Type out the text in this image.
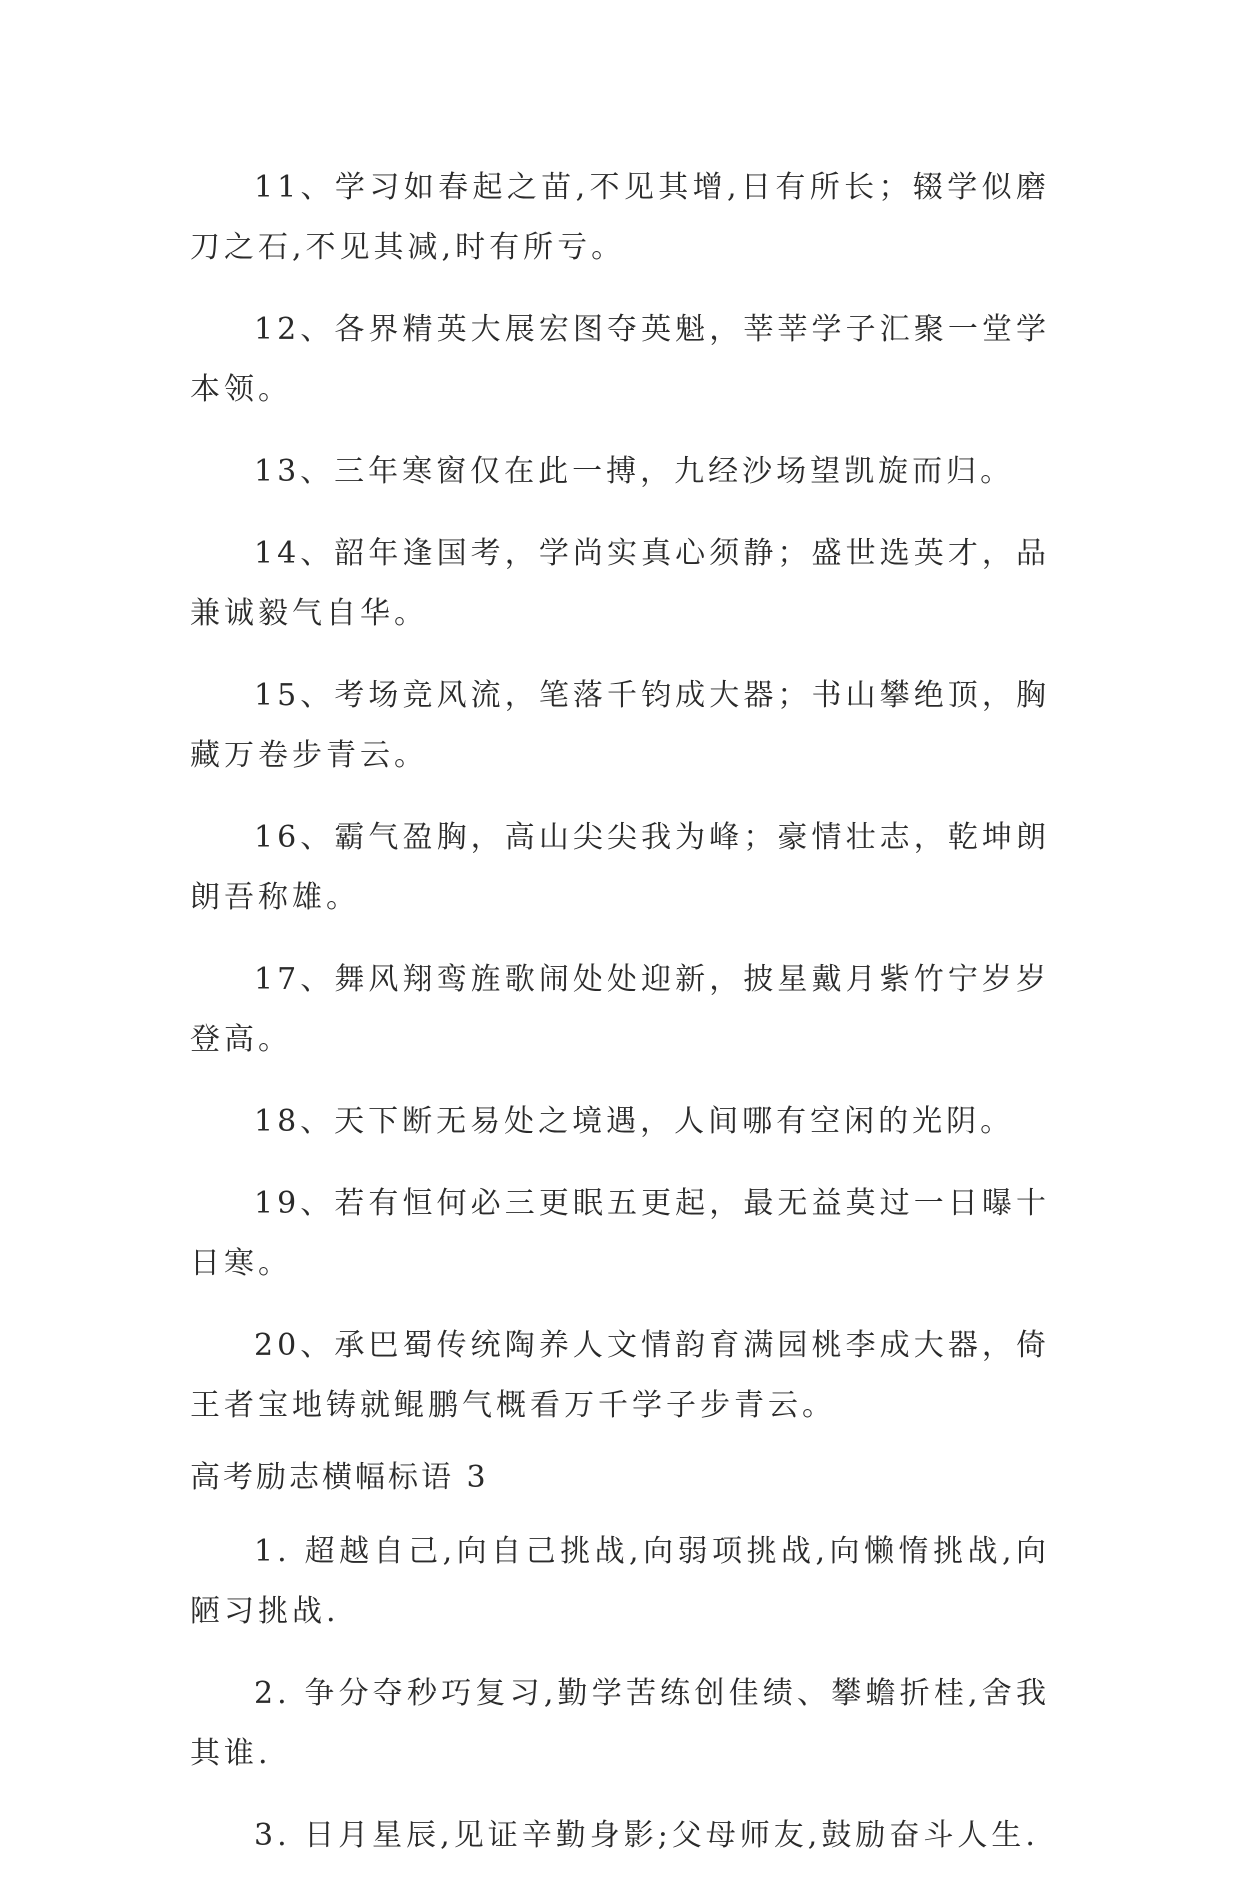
11、学习如春起之苗,不见其增,日有所长；辍学似磨刀之石,不见其减,时有所亏。

12、各界精英大展宏图夺英魁，莘莘学子汇聚一堂学本领。

13、三年寒窗仅在此一搏，九经沙场望凯旋而归。

14、韶年逢国考，学尚实真心须静；盛世选英才，品兼诚毅气自华。

15、考场竞风流，笔落千钧成大器；书山攀绝顶，胸藏万卷步青云。

16、霸气盈胸，高山尖尖我为峰；豪情壮志，乾坤朗朗吾称雄。

17、舞风翔鸾旌歌闹处处迎新，披星戴月紫竹宁岁岁登高。

18、天下断无易处之境遇，人间哪有空闲的光阴。

19、若有恒何必三更眠五更起，最无益莫过一日曝十日寒。

20、承巴蜀传统陶养人文情韵育满园桃李成大器，倚王者宝地铸就鲲鹏气概看万千学子步青云。

高考励志横幅标语 3

1. 超越自己,向自己挑战,向弱项挑战,向懒惰挑战,向陋习挑战.

2. 争分夺秒巧复习,勤学苦练创佳绩、攀蟾折桂,舍我其谁.

3. 日月星辰,见证辛勤身影;父母师友,鼓励奋斗人生.
